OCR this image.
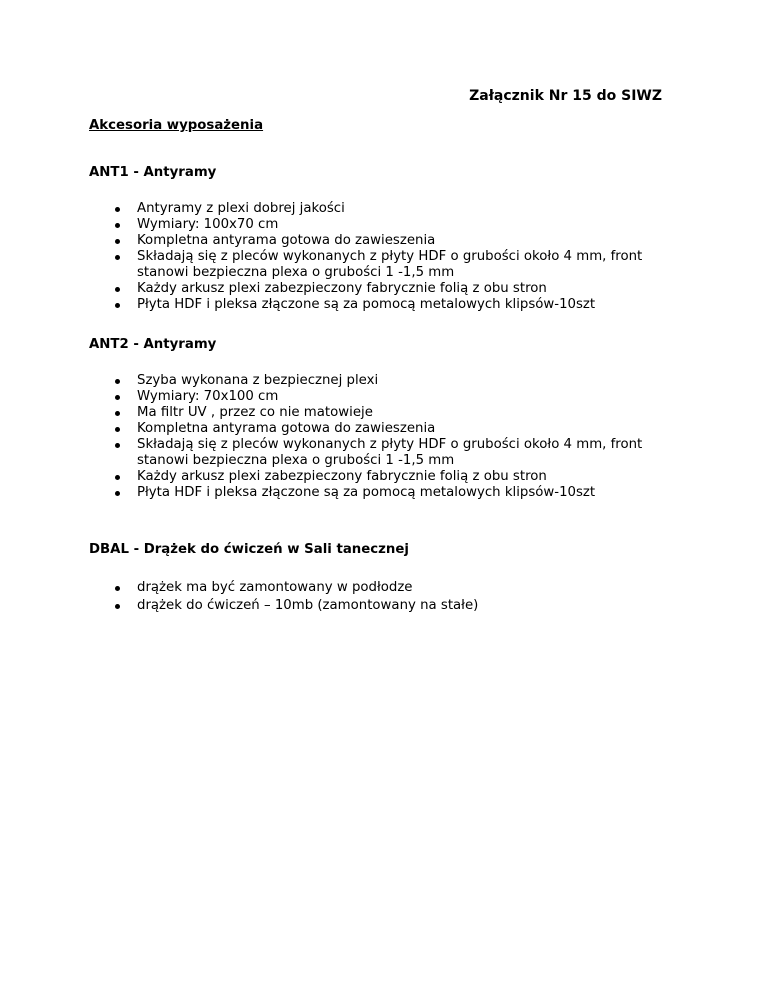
Załącznik Nr 15 do SIWZ
Akcesoria wyposażenia

ANT1 - Antyramy

Antyramy z plexi dobrej jakości
Wymiary: 100x70 cm
Kompletna antyrama gotowa do zawieszenia
Składają się z pleców wykonanych z płyty HDF o grubości około 4 mm, front stanowi bezpieczna plexa o grubości 1 -1,5 mm
Każdy arkusz plexi zabezpieczony fabrycznie folią z obu stron
Płyta HDF i pleksa złączone są za pomocą metalowych klipsów-10szt

ANT2 - Antyramy

Szyba wykonana z bezpiecznej plexi
Wymiary: 70x100 cm
Ma filtr UV , przez co nie matowieje
Kompletna antyrama gotowa do zawieszenia
Składają się z pleców wykonanych z płyty HDF o grubości około 4 mm, front stanowi bezpieczna plexa o grubości 1 -1,5 mm
Każdy arkusz plexi zabezpieczony fabrycznie folią z obu stron
Płyta HDF i pleksa złączone są za pomocą metalowych klipsów-10szt

DBAL - Drążek do ćwiczeń w Sali tanecznej

drążek ma być zamontowany w podłodze
drążek do ćwiczeń – 10mb (zamontowany na stałe)
